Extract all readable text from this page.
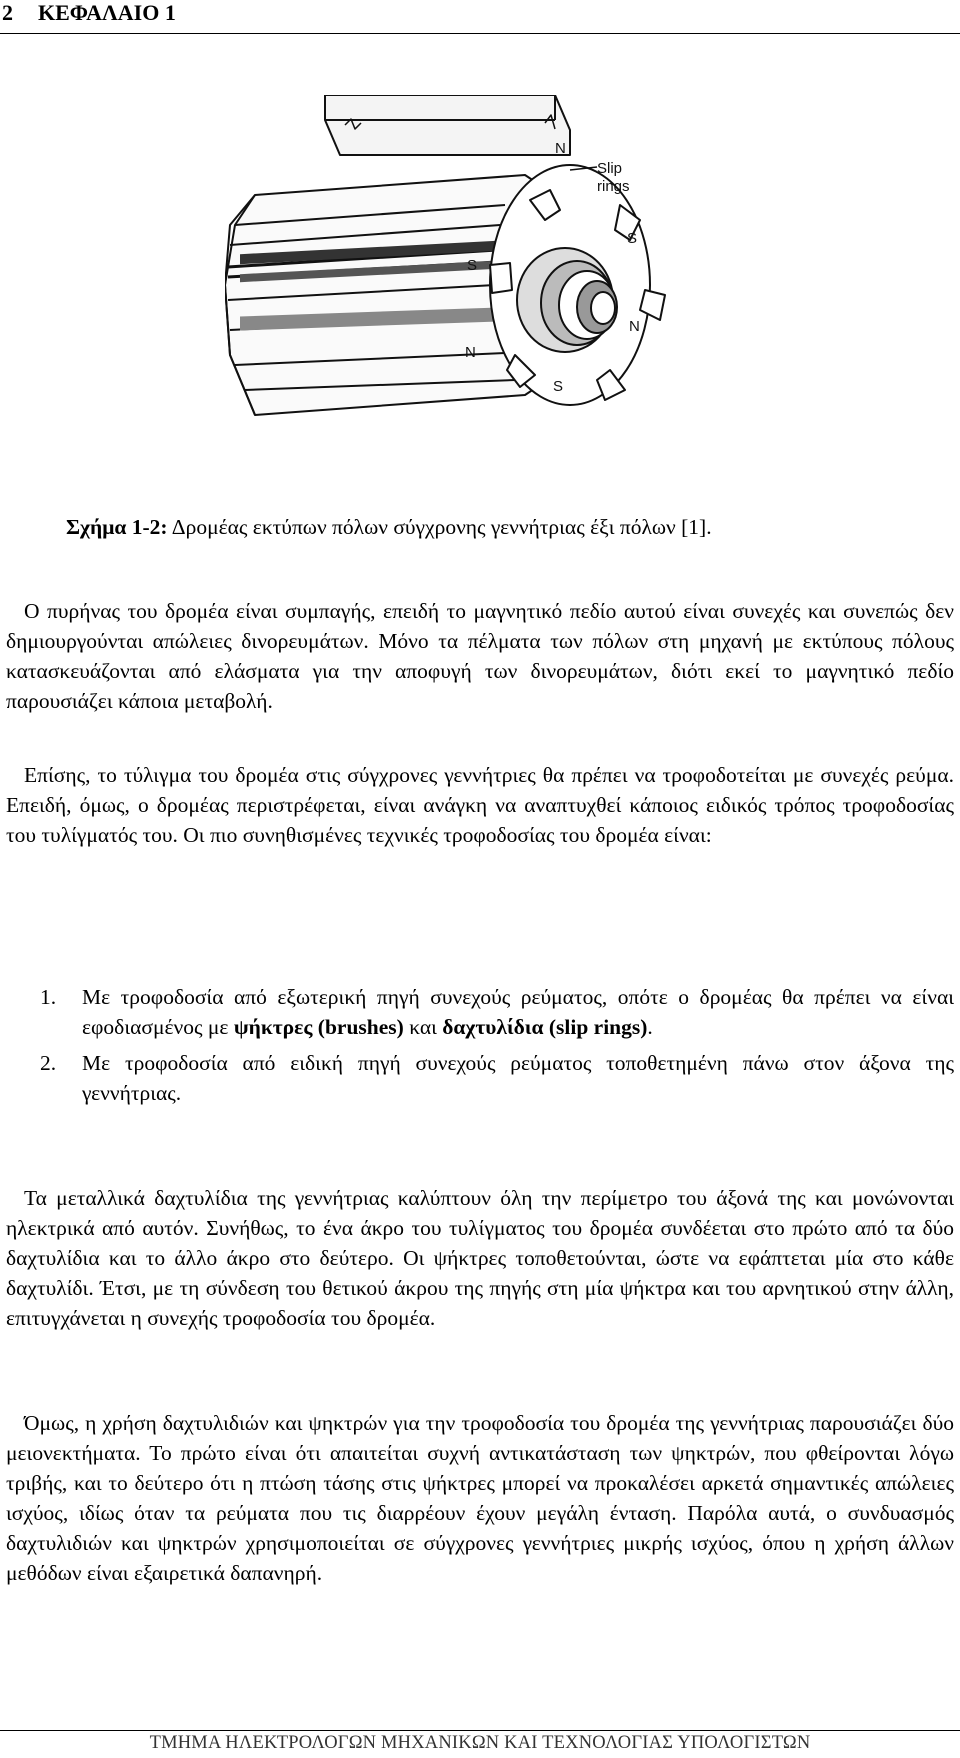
2 ΚΕΦΑΛΑΙΟ 1
N
Slip
rings
S
S
N
N
S
Σχήμα 1-2: Δρομέας εκτύπων πόλων σύγχρονης γεννήτριας έξι πόλων [1].
Ο πυρήνας του δρομέα είναι συμπαγής, επειδή το μαγνητικό πεδίο αυτού είναι συνεχές και συνεπώς δεν δημιουργούνται απώλειες δινορευμάτων. Μόνο τα πέλματα των πόλων στη μηχανή με εκτύπους πόλους κατασκευάζονται από ελάσματα για την αποφυγή των δινορευμάτων, διότι εκεί το μαγνητικό πεδίο παρουσιάζει κάποια μεταβολή.
Επίσης, το τύλιγμα του δρομέα στις σύγχρονες γεννήτριες θα πρέπει να τροφοδοτείται με συνεχές ρεύμα. Επειδή, όμως, ο δρομέας περιστρέφεται, είναι ανάγκη να αναπτυχθεί κάποιος ειδικός τρόπος τροφοδοσίας του τυλίγματός του. Οι πιο συνηθισμένες τεχνικές τροφοδοσίας του δρομέα είναι:
1. Με τροφοδοσία από εξωτερική πηγή συνεχούς ρεύματος, οπότε ο δρομέας θα πρέπει να είναι εφοδιασμένος με ψήκτρες (brushes) και δαχτυλίδια (slip rings).
2. Με τροφοδοσία από ειδική πηγή συνεχούς ρεύματος τοποθετημένη πάνω στον άξονα της γεννήτριας.
Τα μεταλλικά δαχτυλίδια της γεννήτριας καλύπτουν όλη την περίμετρο του άξονά της και μονώνονται ηλεκτρικά από αυτόν. Συνήθως, το ένα άκρο του τυλίγματος του δρομέα συνδέεται στο πρώτο από τα δύο δαχτυλίδια και το άλλο άκρο στο δεύτερο. Οι ψήκτρες τοποθετούνται, ώστε να εφάπτεται μία στο κάθε δαχτυλίδι. Έτσι, με τη σύνδεση του θετικού άκρου της πηγής στη μία ψήκτρα και του αρνητικού στην άλλη, επιτυγχάνεται η συνεχής τροφοδοσία του δρομέα.
Όμως, η χρήση δαχτυλιδιών και ψηκτρών για την τροφοδοσία του δρομέα της γεννήτριας παρουσιάζει δύο μειονεκτήματα. Το πρώτο είναι ότι απαιτείται συχνή αντικατάσταση των ψηκτρών, που φθείρονται λόγω τριβής, και το δεύτερο ότι η πτώση τάσης στις ψήκτρες μπορεί να προκαλέσει αρκετά σημαντικές απώλειες ισχύος, ιδίως όταν τα ρεύματα που τις διαρρέουν έχουν μεγάλη ένταση. Παρόλα αυτά, ο συνδυασμός δαχτυλιδιών και ψηκτρών χρησιμοποιείται σε σύγχρονες γεννήτριες μικρής ισχύος, όπου η χρήση άλλων μεθόδων είναι εξαιρετικά δαπανηρή.
ΤΜΗΜΑ ΗΛΕΚΤΡΟΛΟΓΩΝ ΜΗΧΑΝΙΚΩΝ ΚΑΙ ΤΕΧΝΟΛΟΓΙΑΣ ΥΠΟΛΟΓΙΣΤΩΝ
